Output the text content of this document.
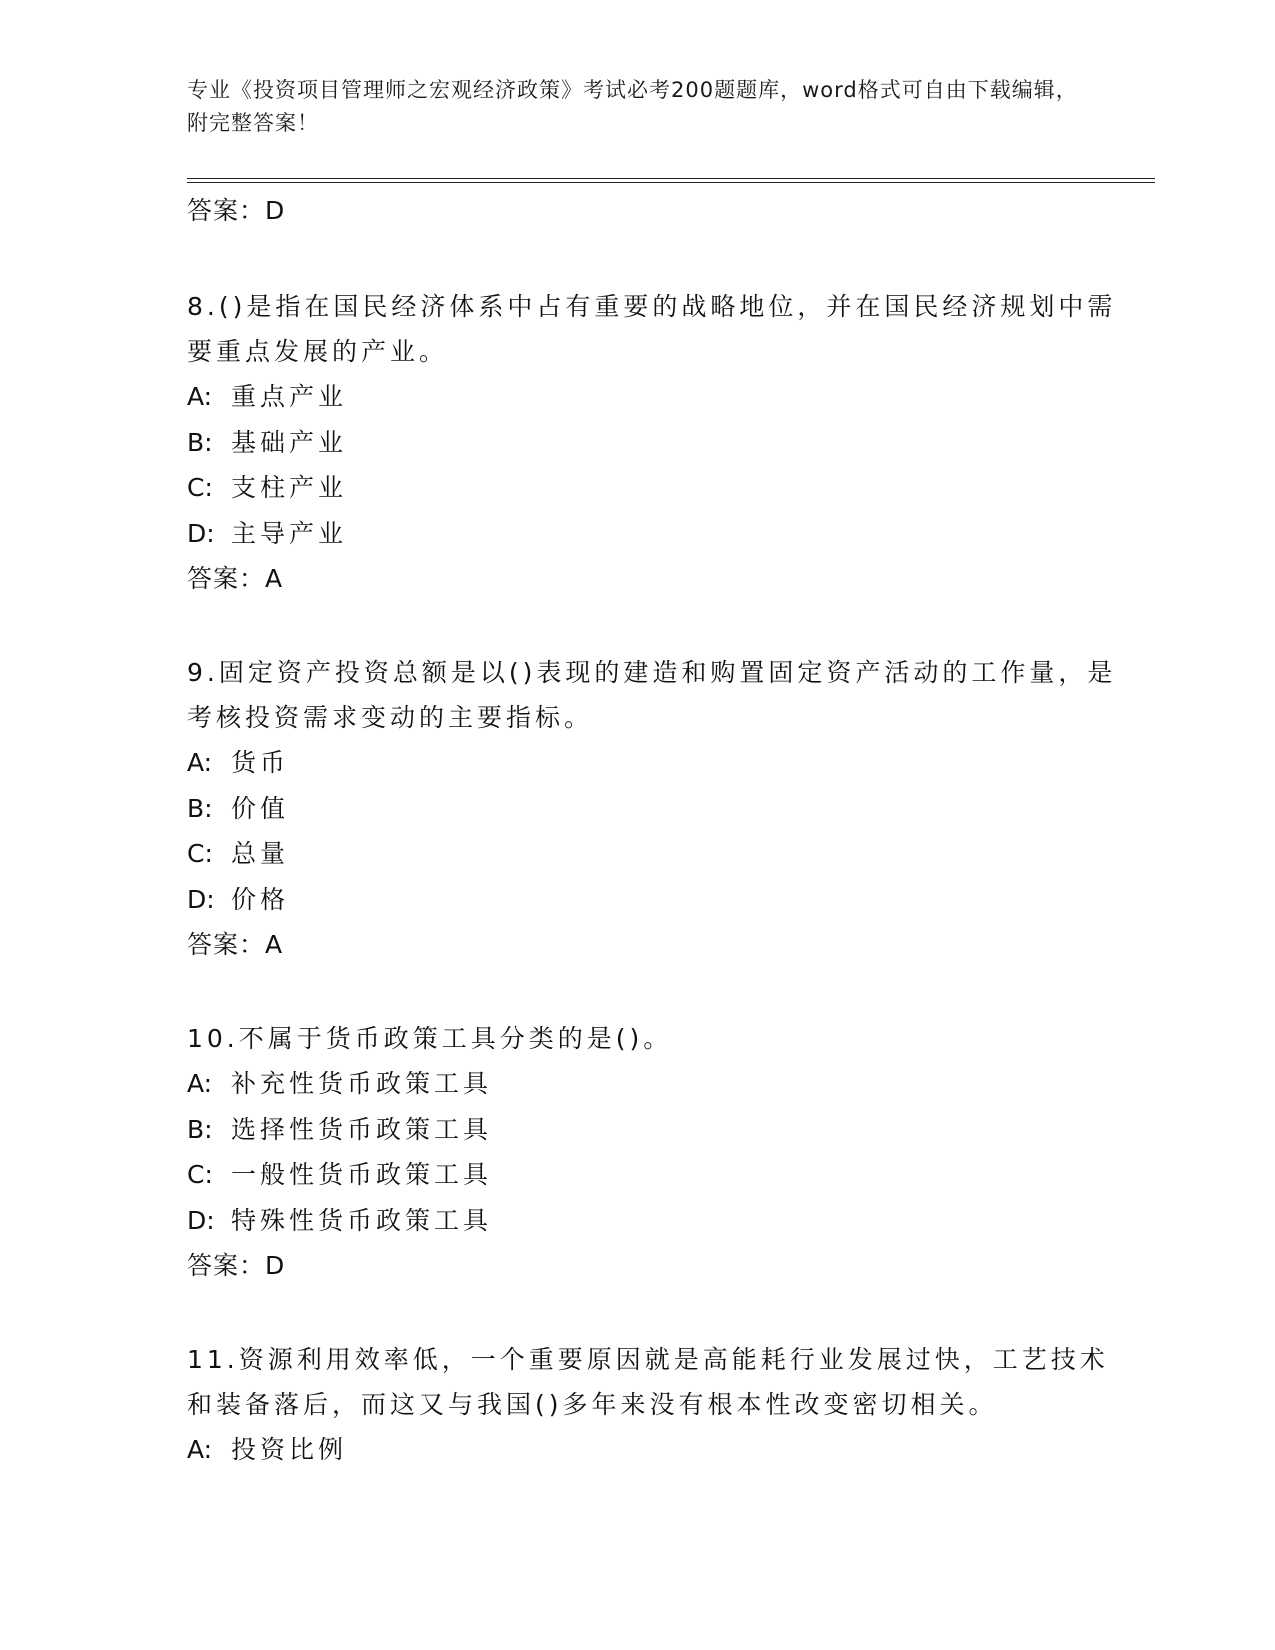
专业《投资项目管理师之宏观经济政策》考试必考200题题库，word格式可自由下载编辑，附完整答案！
答案：D
8.()是指在国民经济体系中占有重要的战略地位，并在国民经济规划中需要重点发展的产业。
A: 重点产业
B: 基础产业
C: 支柱产业
D: 主导产业
答案：A
9.固定资产投资总额是以()表现的建造和购置固定资产活动的工作量，是考核投资需求变动的主要指标。
A: 货币
B: 价值
C: 总量
D: 价格
答案：A
10.不属于货币政策工具分类的是()。
A: 补充性货币政策工具
B: 选择性货币政策工具
C: 一般性货币政策工具
D: 特殊性货币政策工具
答案：D
11.资源利用效率低，一个重要原因就是高能耗行业发展过快，工艺技术和装备落后，而这又与我国()多年来没有根本性改变密切相关。
A: 投资比例
